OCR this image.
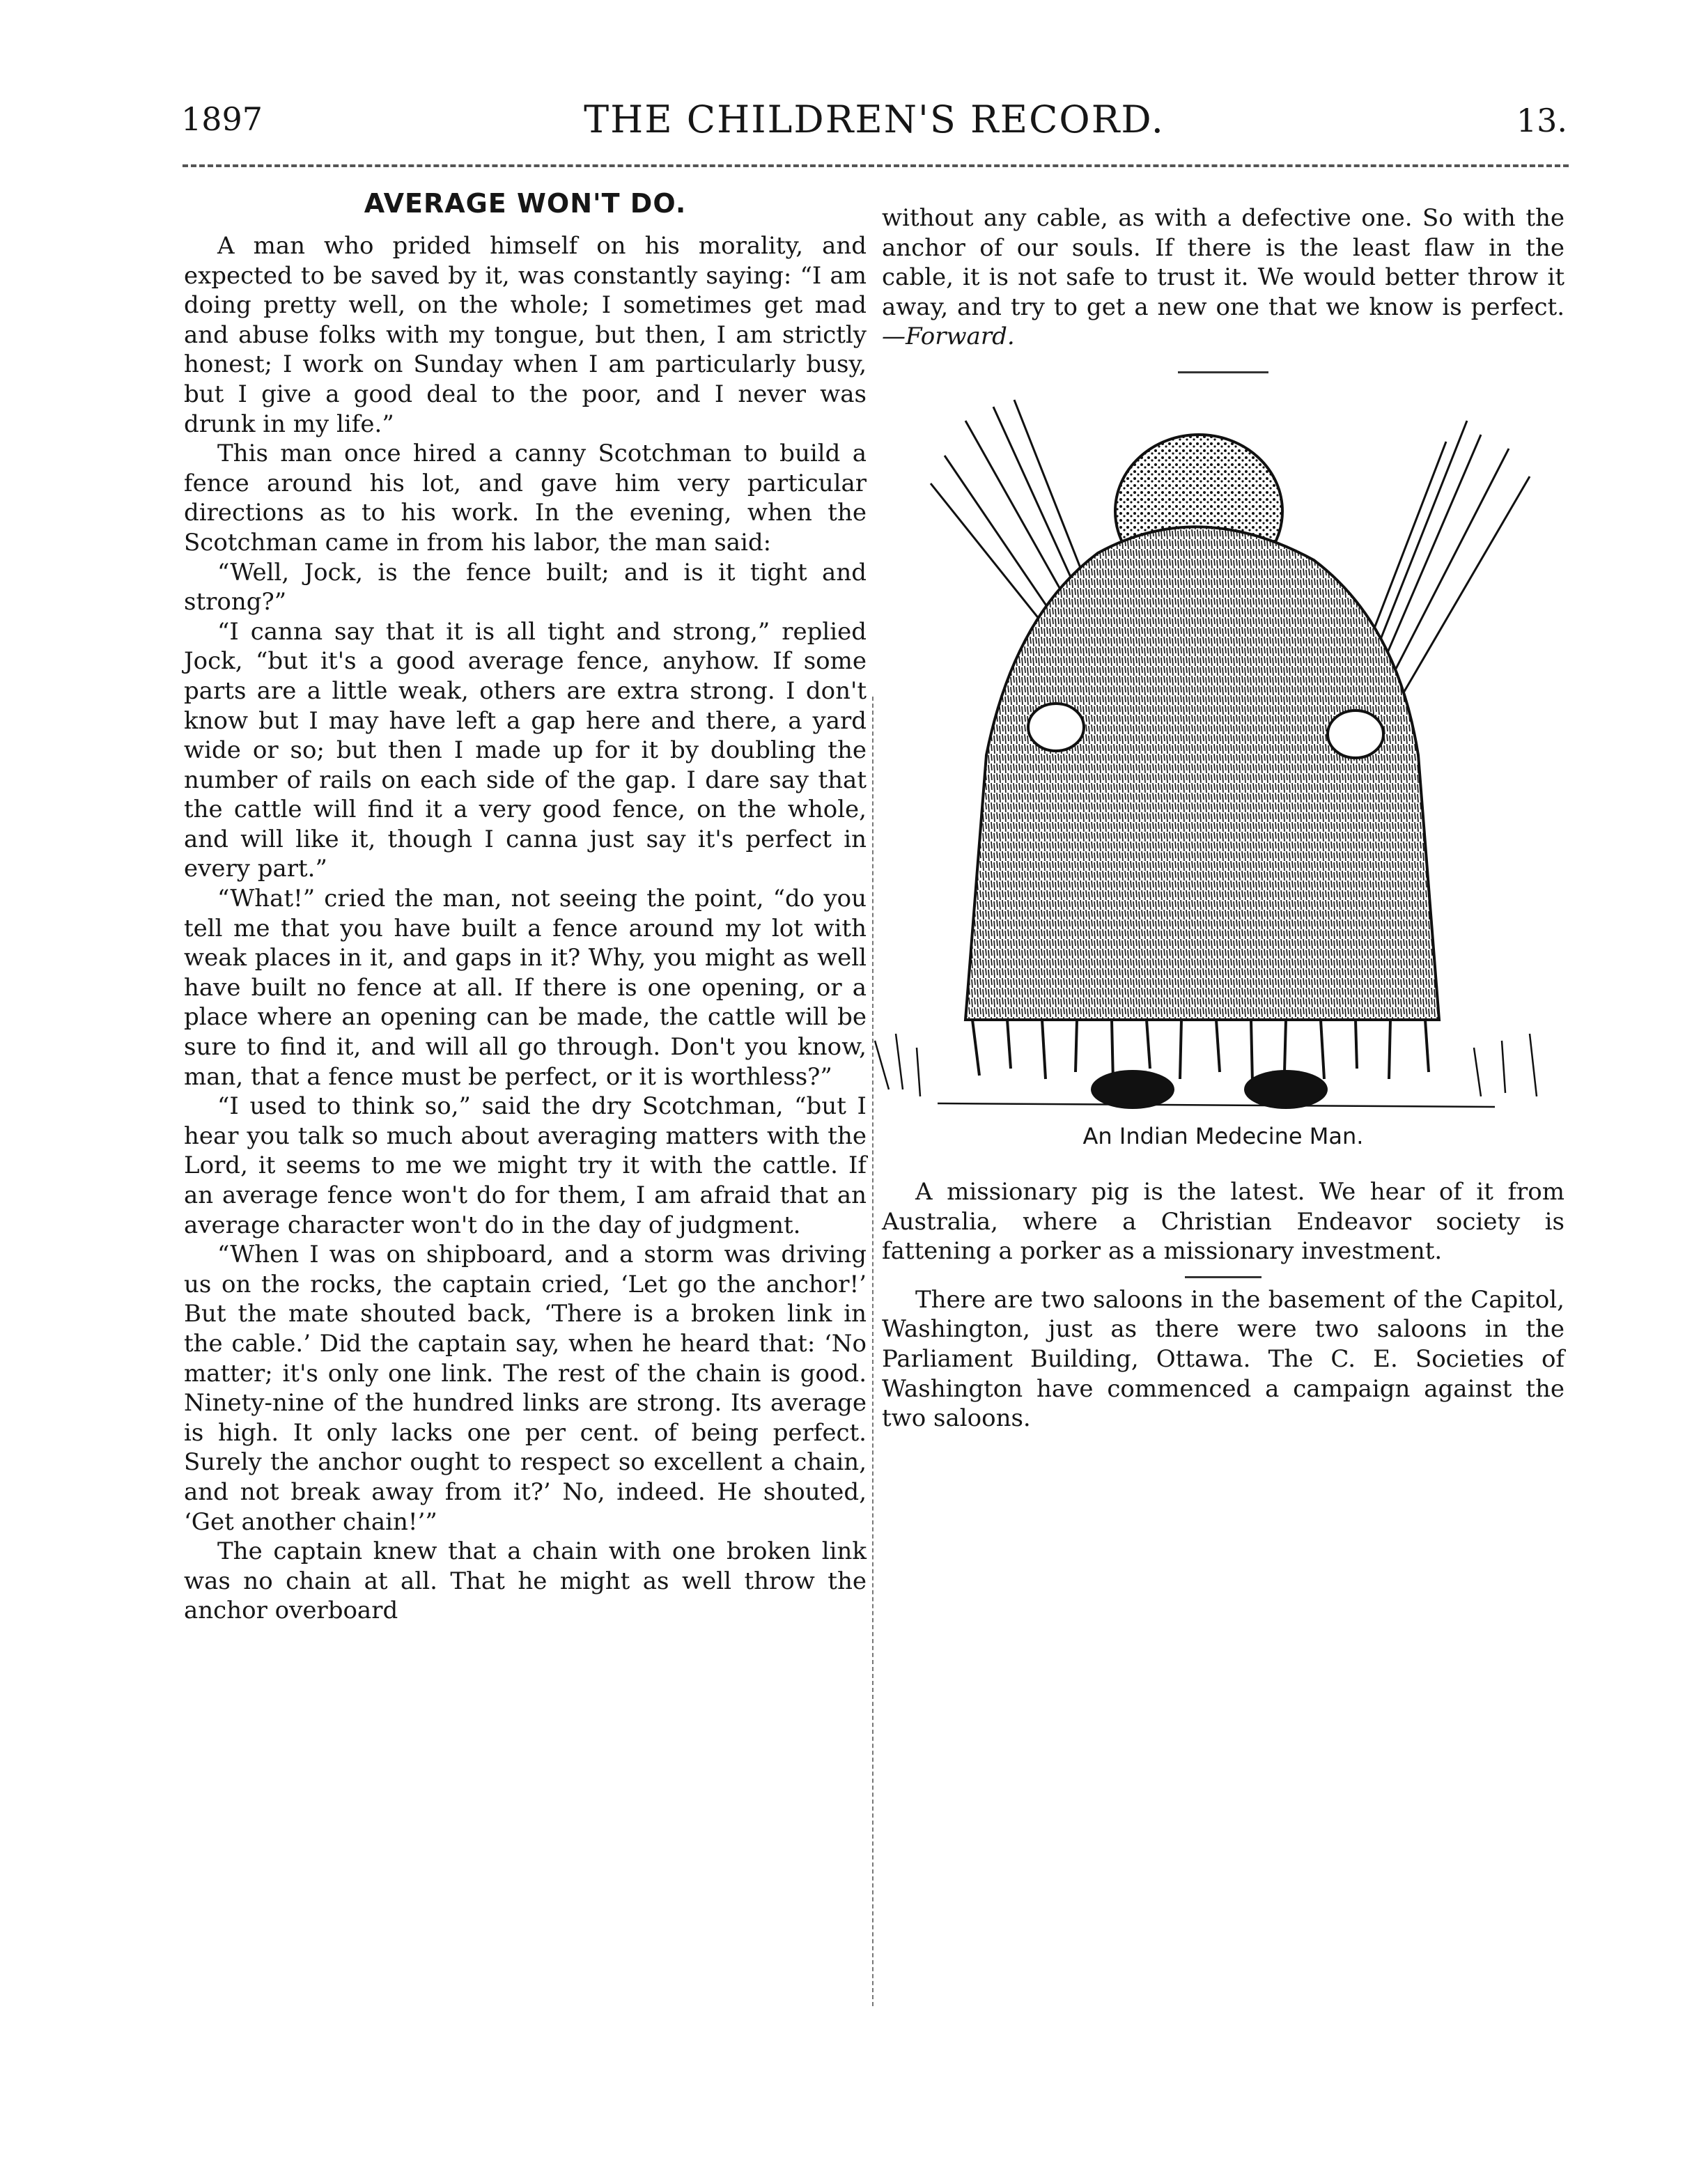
1897	THE CHILDREN'S RECORD.	13.
AVERAGE WON'T DO.

A man who prided himself on his morality, and expected to be saved by it, was constantly saying: “I am doing pretty well, on the whole; I sometimes get mad and abuse folks with my tongue, but then, I am strictly honest; I work on Sunday when I am particularly busy, but I give a good deal to the poor, and I never was drunk in my life.”

This man once hired a canny Scotchman to build a fence around his lot, and gave him very particular directions as to his work. In the evening, when the Scotchman came in from his labor, the man said:

“Well, Jock, is the fence built; and is it tight and strong?”

“I canna say that it is all tight and strong,” replied Jock, “but it's a good average fence, anyhow. If some parts are a little weak, others are extra strong. I don't know but I may have left a gap here and there, a yard wide or so; but then I made up for it by doubling the number of rails on each side of the gap. I dare say that the cattle will find it a very good fence, on the whole, and will like it, though I canna just say it's perfect in every part.”

“What!” cried the man, not seeing the point, “do you tell me that you have built a fence around my lot with weak places in it, and gaps in it? Why, you might as well have built no fence at all. If there is one opening, or a place where an opening can be made, the cattle will be sure to find it, and will all go through. Don't you know, man, that a fence must be perfect, or it is worthless?”

“I used to think so,” said the dry Scotchman, “but I hear you talk so much about averaging matters with the Lord, it seems to me we might try it with the cattle. If an average fence won't do for them, I am afraid that an average character won't do in the day of judgment.

“When I was on shipboard, and a storm was driving us on the rocks, the captain cried, ‘Let go the anchor!’ But the mate shouted back, ‘There is a broken link in the cable.’ Did the captain say, when he heard that: ‘No matter; it's only one link. The rest of the chain is good. Ninety-nine of the hundred links are strong. Its average is high. It only lacks one per cent. of being perfect. Surely the anchor ought to respect so excellent a chain, and not break away from it?’ No, indeed. He shouted, ‘Get another chain!’”

The captain knew that a chain with one broken link was no chain at all. That he might as well throw the anchor overboard

without any cable, as with a defective one. So with the anchor of our souls. If there is the least flaw in the cable, it is not safe to trust it. We would better throw it away, and try to get a new one that we know is perfect.—Forward.

An Indian Medecine Man.

A missionary pig is the latest. We hear of it from Australia, where a Christian Endeavor society is fattening a porker as a missionary investment.

There are two saloons in the basement of the Capitol, Washington, just as there were two saloons in the Parliament Building, Ottawa. The C. E. Societies of Washington have commenced a campaign against the two saloons.
